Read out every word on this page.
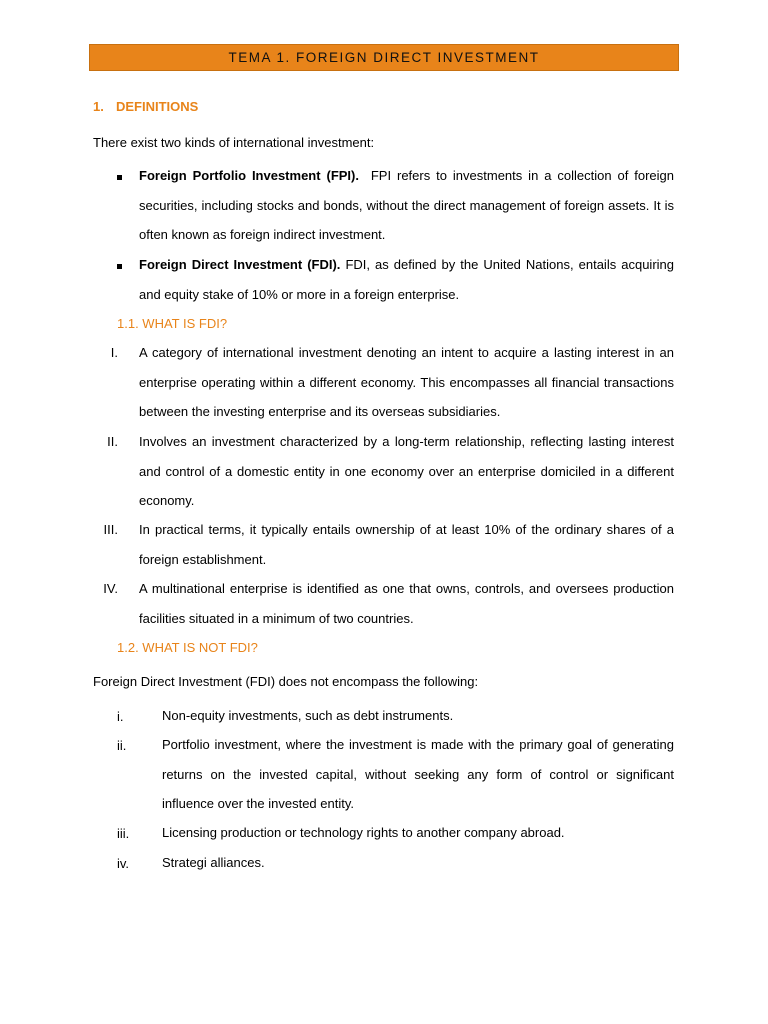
TEMA 1. FOREIGN DIRECT INVESTMENT
1. DEFINITIONS
There exist two kinds of international investment:
Foreign Portfolio Investment (FPI). FPI refers to investments in a collection of foreign securities, including stocks and bonds, without the direct management of foreign assets. It is often known as foreign indirect investment.
Foreign Direct Investment (FDI). FDI, as defined by the United Nations, entails acquiring and equity stake of 10% or more in a foreign enterprise.
1.1. WHAT IS FDI?
I. A category of international investment denoting an intent to acquire a lasting interest in an enterprise operating within a different economy. This encompasses all financial transactions between the investing enterprise and its overseas subsidiaries.
II. Involves an investment characterized by a long-term relationship, reflecting lasting interest and control of a domestic entity in one economy over an enterprise domiciled in a different economy.
III. In practical terms, it typically entails ownership of at least 10% of the ordinary shares of a foreign establishment.
IV. A multinational enterprise is identified as one that owns, controls, and oversees production facilities situated in a minimum of two countries.
1.2. WHAT IS NOT FDI?
Foreign Direct Investment (FDI) does not encompass the following:
i.	Non-equity investments, such as debt instruments.
ii.	Portfolio investment, where the investment is made with the primary goal of generating returns on the invested capital, without seeking any form of control or significant influence over the invested entity.
iii.	Licensing production or technology rights to another company abroad.
iv.	Strategi alliances.
